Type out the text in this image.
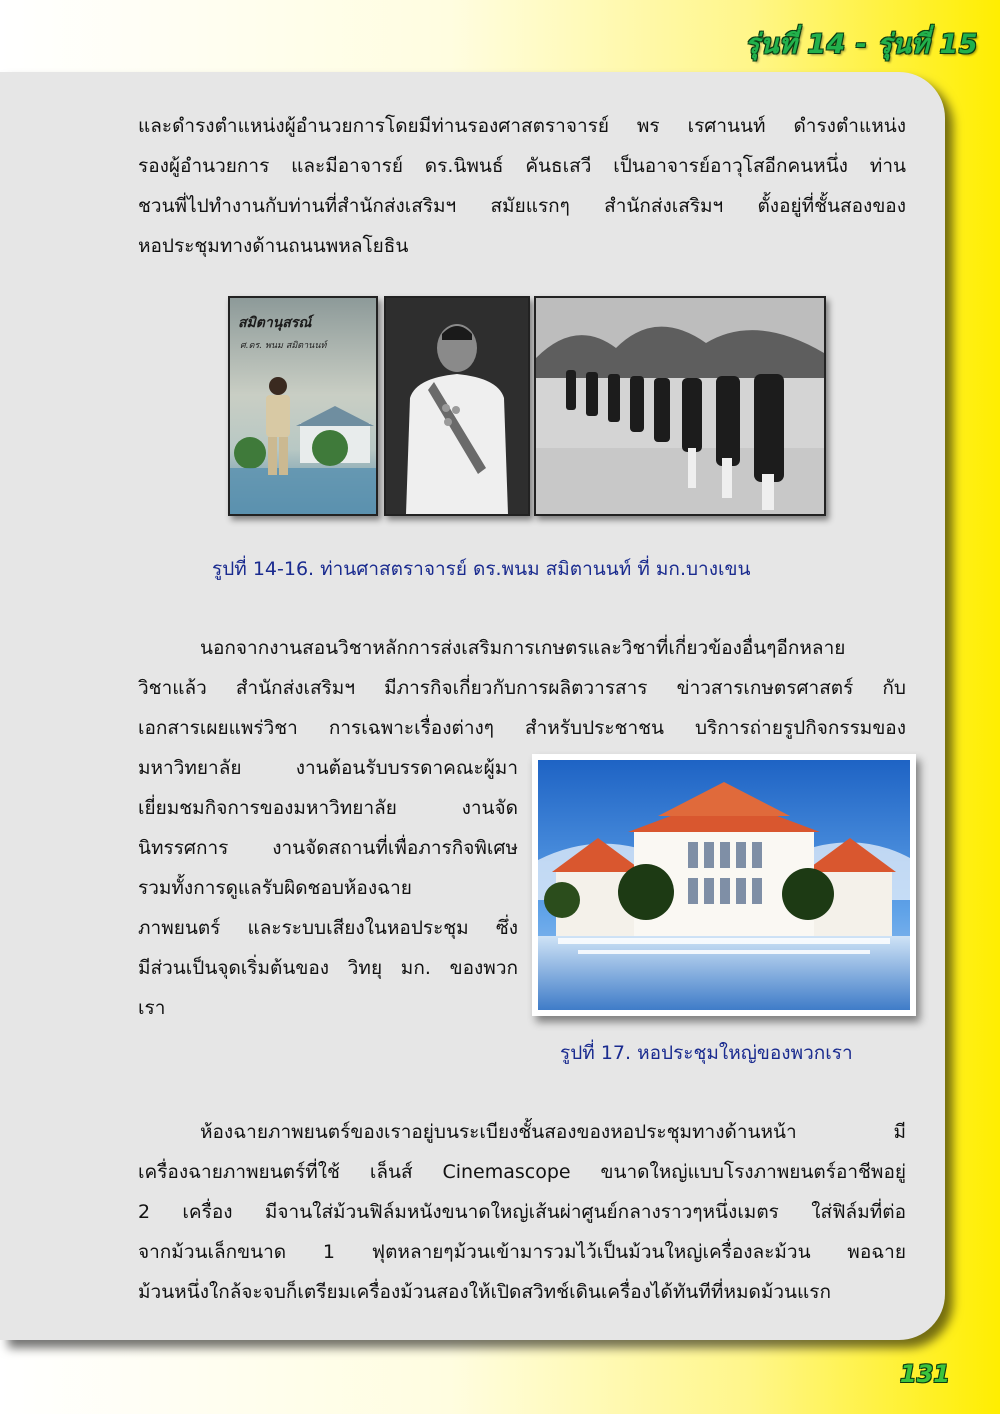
รุ่นที่ 14 - รุ่นที่ 15
และดำรงตำแหน่งผู้อำนวยการโดยมีท่านรองศาสตราจารย์ พร เรศานนท์ ดำรงตำแหน่ง
รองผู้อำนวยการ และมีอาจารย์ ดร.นิพนธ์ คันธเสวี เป็นอาจารย์อาวุโสอีกคนหนึ่ง ท่าน
ชวนพี่ไปทำงานกับท่านที่สำนักส่งเสริมฯ สมัยแรกๆ สำนักส่งเสริมฯ ตั้งอยู่ที่ชั้นสองของ
หอประชุมทางด้านถนนพหลโยธิน
สมิตานุสรณ์
ศ.ดร. พนม สมิตานนท์
รูปที่ 14-16. ท่านศาสตราจารย์ ดร.พนม สมิตานนท์ ที่ มก.บางเขน
นอกจากงานสอนวิชาหลักการส่งเสริมการเกษตรและวิชาที่เกี่ยวข้องอื่นๆอีกหลาย
วิชาแล้ว สำนักส่งเสริมฯ มีภารกิจเกี่ยวกับการผลิตวารสาร ข่าวสารเกษตรศาสตร์ กับ
เอกสารเผยแพร่วิชา การเฉพาะเรื่องต่างๆ สำหรับประชาชน บริการถ่ายรูปกิจกรรมของ
มหาวิทยาลัย งานต้อนรับบรรดาคณะผู้มา
เยี่ยมชมกิจการของมหาวิทยาลัย งานจัด
นิทรรศการ งานจัดสถานที่เพื่อภารกิจพิเศษ
รวมทั้งการดูแลรับผิดชอบห้องฉาย
ภาพยนตร์ และระบบเสียงในหอประชุม ซึ่ง
มีส่วนเป็นจุดเริ่มต้นของ วิทยุ มก. ของพวก
เรา
รูปที่ 17. หอประชุมใหญ่ของพวกเรา
ห้องฉายภาพยนตร์ของเราอยู่บนระเบียงชั้นสองของหอประชุมทางด้านหน้า มี
เครื่องฉายภาพยนตร์ที่ใช้ เล็นส์ Cinemascope ขนาดใหญ่แบบโรงภาพยนตร์อาชีพอยู่
2 เครื่อง มีจานใส่ม้วนฟิล์มหนังขนาดใหญ่เส้นผ่าศูนย์กลางราวๆหนึ่งเมตร ใส่ฟิล์มที่ต่อ
จากม้วนเล็กขนาด 1 ฟุตหลายๆม้วนเข้ามารวมไว้เป็นม้วนใหญ่เครื่องละม้วน พอฉาย
ม้วนหนึ่งใกล้จะจบก็เตรียมเครื่องม้วนสองให้เปิดสวิทช์เดินเครื่องได้ทันทีที่หมดม้วนแรก
131
